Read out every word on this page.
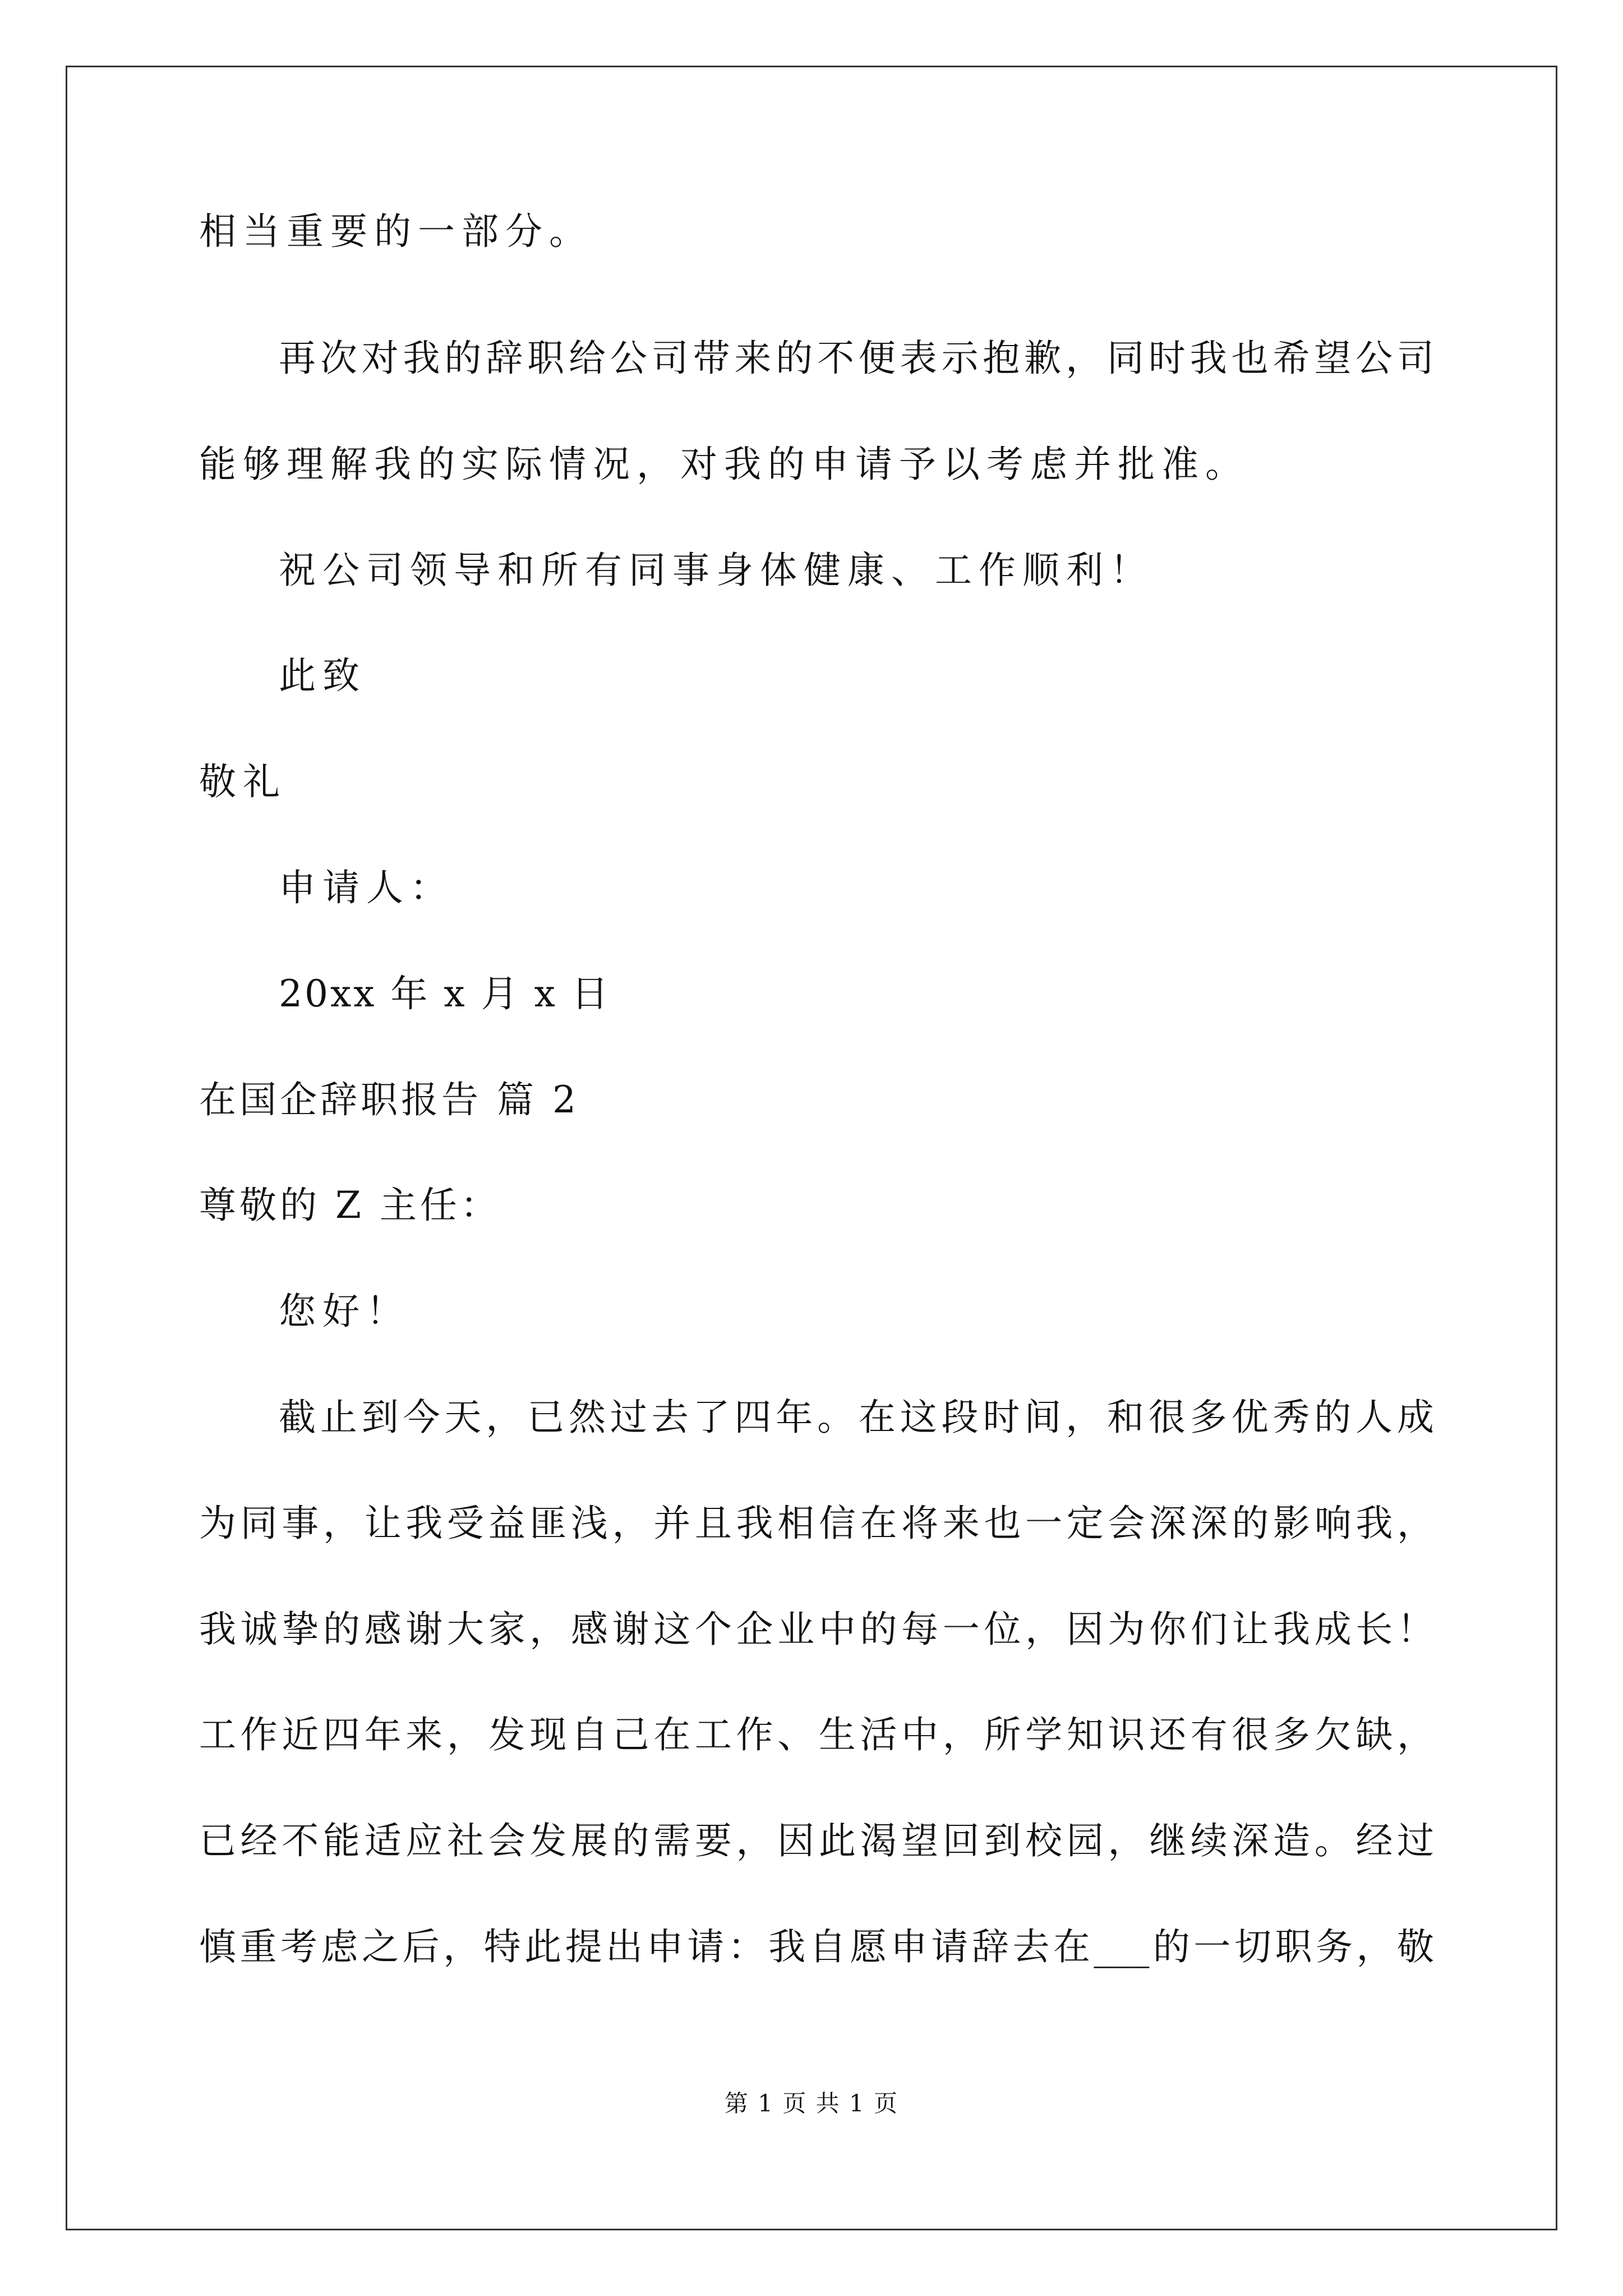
相当重要的一部分。
再次对我的辞职给公司带来的不便表示抱歉，同时我也希望公司
能够理解我的实际情况，对我的申请予以考虑并批准。
祝公司领导和所有同事身体健康、工作顺利！
此致
敬礼
申请人：
20xx 年 x 月 x 日
在国企辞职报告 篇 2
尊敬的 Z 主任：
您好！
截止到今天，已然过去了四年。在这段时间，和很多优秀的人成
为同事，让我受益匪浅，并且我相信在将来也一定会深深的影响我，
我诚挚的感谢大家，感谢这个企业中的每一位，因为你们让我成长！
工作近四年来，发现自己在工作、生活中，所学知识还有很多欠缺，
已经不能适应社会发展的需要，因此渴望回到校园，继续深造。经过
慎重考虑之后，特此提出申请：我自愿申请辞去在___的一切职务，敬
第 1 页 共 1 页
